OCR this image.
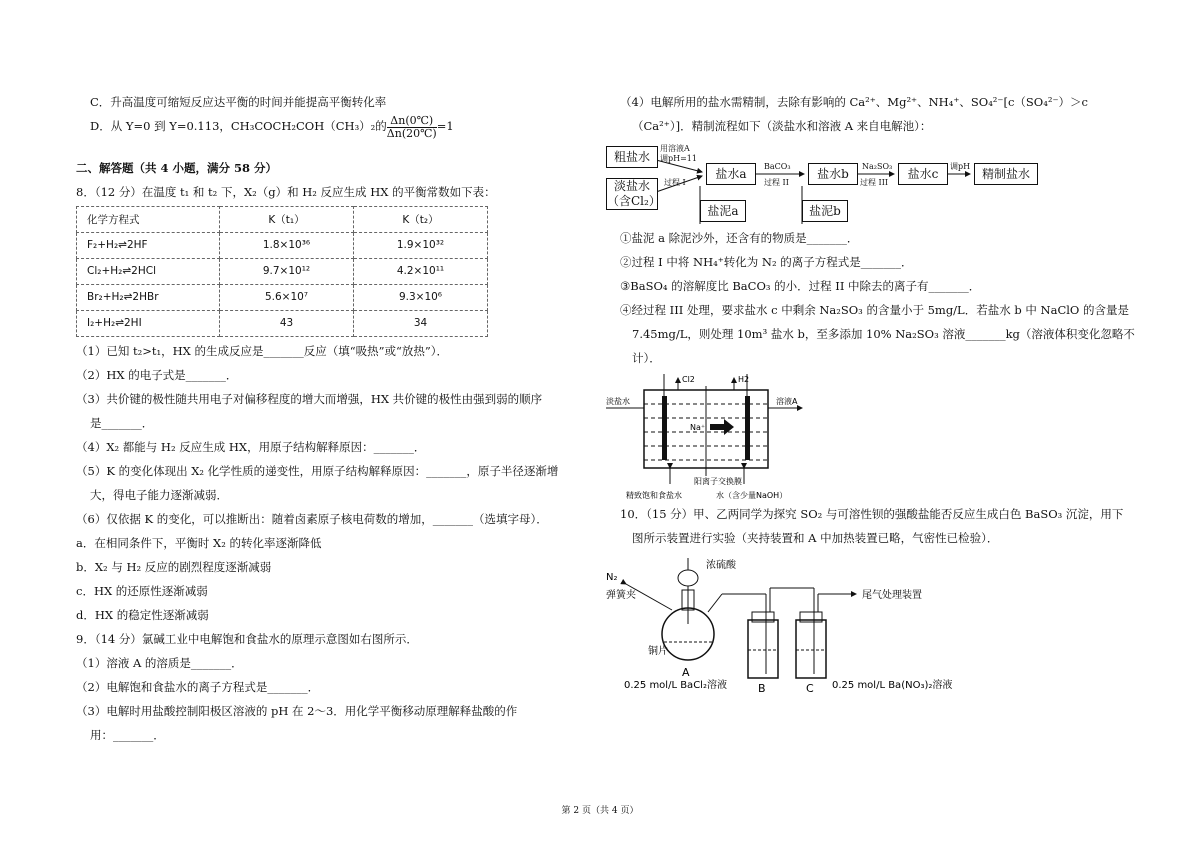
C．升高温度可缩短反应达平衡的时间并能提高平衡转化率
D．从 Y=0 到 Y=0.113，CH₃COCH₂COH（CH₃）₂的 $\frac{\Delta n(0℃)}{\Delta n(20℃)} =1$
二、解答题（共 4 小题，满分 58 分）
8．（12 分）在温度 t₁ 和 t₂ 下，X₂（g）和 H₂ 反应生成 HX 的平衡常数如下表：
化学方程式	K（t₁）	K（t₂）
F₂+H₂⇌2HF	1.8×10³⁶	1.9×10³²
Cl₂+H₂⇌2HCl	9.7×10¹²	4.2×10¹¹
Br₂+H₂⇌2HBr	5.6×10⁷	9.3×10⁶
I₂+H₂⇌2HI	43	34
（1）已知 t₂>t₁，HX 的生成反应是_______反应（填“吸热”或“放热”）．
（2）HX 的电子式是_______．
（3）共价键的极性随共用电子对偏移程度的增大而增强，HX 共价键的极性由强到弱的顺序
是_______．
（4）X₂ 都能与 H₂ 反应生成 HX，用原子结构解释原因：_______．
（5）K 的变化体现出 X₂ 化学性质的递变性，用原子结构解释原因：_______，原子半径逐渐增
大，得电子能力逐渐减弱．
（6）仅依据 K 的变化，可以推断出：随着卤素原子核电荷数的增加，_______（选填字母）．
a．在相同条件下，平衡时 X₂ 的转化率逐渐降低
b．X₂ 与 H₂ 反应的剧烈程度逐渐减弱
c．HX 的还原性逐渐减弱
d．HX 的稳定性逐渐减弱
9．（14 分）氯碱工业中电解饱和食盐水的原理示意图如右图所示．
（1）溶液 A 的溶质是_______．
（2）电解饱和食盐水的离子方程式是_______．
（3）电解时用盐酸控制阳极区溶液的 pH 在 2～3．用化学平衡移动原理解释盐酸的作
用：_______．
（4）电解所用的盐水需精制，去除有影响的 Ca²⁺、Mg²⁺、NH₄⁺、SO₄²⁻[c（SO₄²⁻）＞c
（Ca²⁺）]．精制流程如下（淡盐水和溶液 A 来自电解池）：
粗盐水
淡盐水
（含Cl₂）
用溶液A
调pH=11
过程 I
盐水a
BaCO₃
过程 II
盐水b
Na₂SO₃
过程 III
盐水c
调pH
精制盐水
盐泥a	盐泥b
①盐泥 a 除泥沙外，还含有的物质是_______．
②过程 I 中将 NH₄⁺转化为 N₂ 的离子方程式是_______．
③BaSO₄ 的溶解度比 BaCO₃ 的小．过程 II 中除去的离子有_______．
④经过程 III 处理，要求盐水 c 中剩余 Na₂SO₃ 的含量小于 5mg/L．若盐水 b 中 NaClO 的含量是
7.45mg/L，则处理 10m³ 盐水 b，至多添加 10% Na₂SO₃ 溶液_______kg（溶液体积变化忽略不
计）．
Cl2	H2
淡盐水	溶液A
Na⁺
阳离子交换膜
精致饱和食盐水	水（含少量NaOH）
10．（15 分）甲、乙两同学为探究 SO₂ 与可溶性钡的强酸盐能否反应生成白色 BaSO₃ 沉淀，用下
图所示装置进行实验（夹持装置和 A 中加热装置已略，气密性已检验）．
N₂
弹簧夹
浓硫酸
铜片
A
B	C
尾气处理装置
0.25 mol/L BaCl₂溶液	0.25 mol/L Ba(NO₃)₂溶液
第 2 页（共 4 页）
